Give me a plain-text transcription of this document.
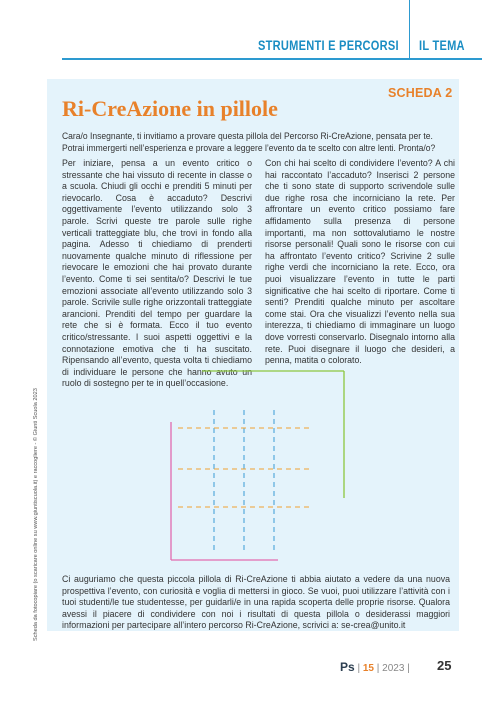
STRUMENTI E PERCORSI IL TEMA
SCHEDA 2
Ri-CreAzione in pillole
Cara/o Insegnante, ti invitiamo a provare questa pillola del Percorso Ri-CreAzione, pensata per te. Potrai immergerti nell’esperienza e provare a leggere l’evento da te scelto con altre lenti. Pronta/o?

Per iniziare, pensa a un evento critico o stressante che hai vissuto di recente in classe o a scuola. Chiudi gli occhi e prenditi 5 minuti per rievocarlo. Cosa è accaduto? Descrivi oggettivamente l’evento utilizzando solo 3 parole. Scrivi queste tre parole sulle righe verticali tratteggiate blu, che trovi in fondo alla pagina. Adesso ti chiediamo di prenderti nuovamente qualche minuto di riflessione per rievocare le emozioni che hai provato durante l’evento. Come ti sei sentita/o? Descrivi le tue emozioni associate all’evento utilizzando solo 3 parole. Scrivile sulle righe orizzontali tratteggiate arancioni. Prenditi del tempo per guardare la rete che si è formata. Ecco il tuo evento critico/stressante. I suoi aspetti oggettivi e la connotazione emotiva che ti ha suscitato. Ripensando all’evento, questa volta ti chiediamo di individuare le persone che hanno avuto un ruolo di sostegno per te in quell’occasione.

Con chi hai scelto di condividere l’evento? A chi hai raccontato l’accaduto? Inserisci 2 persone che ti sono state di supporto scrivendole sulle due righe rosa che incorniciano la rete. Per affrontare un evento critico possiamo fare affidamento sulla presenza di persone importanti, ma non sottovalutiamo le nostre risorse personali! Quali sono le risorse con cui ha affrontato l’evento critico? Scrivine 2 sulle righe verdi che incorniciano la rete. Ecco, ora puoi visualizzare l’evento in tutte le parti significative che hai scelto di riportare. Come ti senti? Prenditi qualche minuto per ascoltare come stai. Ora che visualizzi l’evento nella sua interezza, ti chiediamo di immaginare un luogo dove vorresti conservarlo. Disegnalo intorno alla rete. Puoi disegnare il luogo che desideri, a penna, matita o colorato.

Ci auguriamo che questa piccola pillola di Ri-CreAzione ti abbia aiutato a vedere da una nuova prospettiva l’evento, con curiosità e voglia di mettersi in gioco. Se vuoi, puoi utilizzare l’attività con i tuoi studenti/le tue studentesse, per guidarli/e in una rapida scoperta delle proprie risorse. Qualora avessi il piacere di condividere con noi i risultati di questa pillola o desiderassi maggiori informazioni per partecipare all’intero percorso Ri-CreAzione, scrivici a: se-crea@unito.it

Scheda da fotocopiare (o scaricare online su www.giuntiscuola.it) e raccogliere - © Giunti Scuola 2023
Ps | 15 | 2023 | 25
